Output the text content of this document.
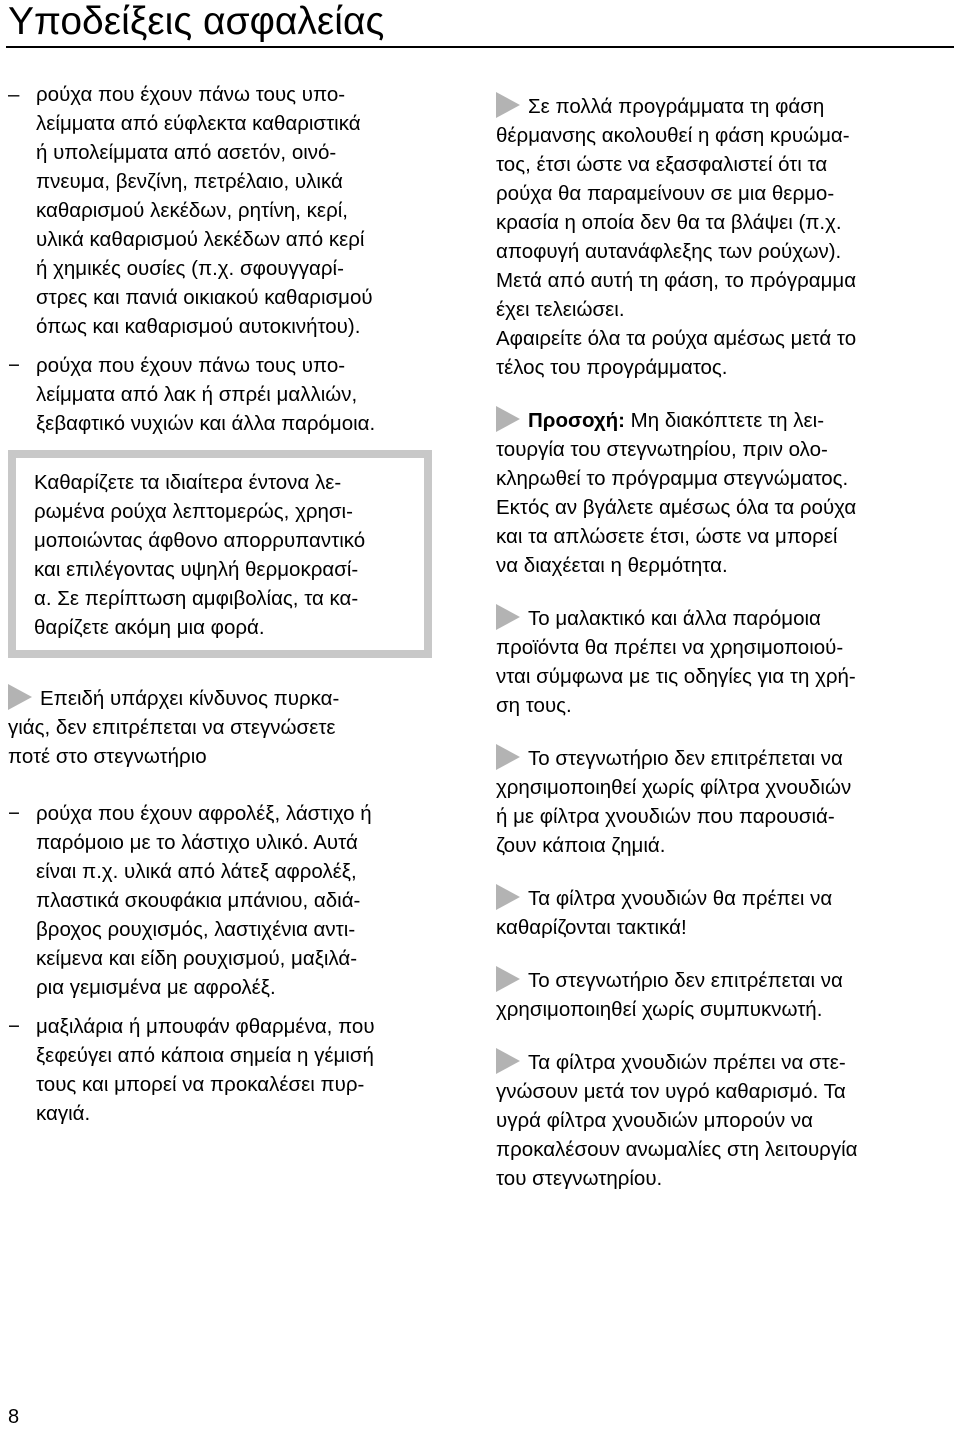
Υποδείξεις ασφαλείας
– ρούχα που έχουν πάνω τους υπο-
λείμματα από εύφλεκτα καθαριστικά
ή υπολείμματα από ασετόν, οινό-
πνευμα, βενζίνη, πετρέλαιο, υλικά
καθαρισμού λεκέδων, ρητίνη, κερί,
υλικά καθαρισμού λεκέδων από κερί
ή χημικές ουσίες (π.χ. σφουγγαρί-
στρες και πανιά οικιακού καθαρισμού
όπως και καθαρισμού αυτοκινήτου).
− ρούχα που έχουν πάνω τους υπο-
λείμματα από λακ ή σπρέι μαλλιών,
ξεβαφτικό νυχιών και άλλα παρόμοια.
Καθαρίζετε τα ιδιαίτερα έντονα λε-
ρωμένα ρούχα λεπτομερώς, χρησι-
μοποιώντας άφθονο απορρυπαντικό
και επιλέγοντας υψηλή θερμοκρασί-
α. Σε περίπτωση αμφιβολίας, τα κα-
θαρίζετε ακόμη μια φορά.
Επειδή υπάρχει κίνδυνος πυρκα-
γιάς, δεν επιτρέπεται να στεγνώσετε
ποτέ στο στεγνωτήριο
− ρούχα που έχουν αφρολέξ, λάστιχο ή
παρόμοιο με το λάστιχο υλικό. Αυτά
είναι π.χ. υλικά από λάτεξ αφρολέξ,
πλαστικά σκουφάκια μπάνιου, αδιά-
βροχος ρουχισμός, λαστιχένια αντι-
κείμενα και είδη ρουχισμού, μαξιλά-
ρια γεμισμένα με αφρολέξ.
− μαξιλάρια ή μπουφάν φθαρμένα, που
ξεφεύγει από κάποια σημεία η γέμισή
τους και μπορεί να προκαλέσει πυρ-
καγιά.
Σε πολλά προγράμματα τη φάση
θέρμανσης ακολουθεί η φάση κρυώμα-
τος, έτσι ώστε να εξασφαλιστεί ότι τα
ρούχα θα παραμείνουν σε μια θερμο-
κρασία η οποία δεν θα τα βλάψει (π.χ.
αποφυγή αυτανάφλεξης των ρούχων).
Μετά από αυτή τη φάση, το πρόγραμμα
έχει τελειώσει.
Αφαιρείτε όλα τα ρούχα αμέσως μετά το
τέλος του προγράμματος.
Προσοχή: Μη διακόπτετε τη λει-
τουργία του στεγνωτηρίου, πριν ολο-
κληρωθεί το πρόγραμμα στεγνώματος.
Εκτός αν βγάλετε αμέσως όλα τα ρούχα
και τα απλώσετε έτσι, ώστε να μπορεί
να διαχέεται η θερμότητα.
Το μαλακτικό και άλλα παρόμοια
προϊόντα θα πρέπει να χρησιμοποιού-
νται σύμφωνα με τις οδηγίες για τη χρή-
ση τους.
Το στεγνωτήριο δεν επιτρέπεται να
χρησιμοποιηθεί χωρίς φίλτρα χνουδιών
ή με φίλτρα χνουδιών που παρουσιά-
ζουν κάποια ζημιά.
Τα φίλτρα χνουδιών θα πρέπει να
καθαρίζονται τακτικά!
Το στεγνωτήριο δεν επιτρέπεται να
χρησιμοποιηθεί χωρίς συμπυκνωτή.
Τα φίλτρα χνουδιών πρέπει να στε-
γνώσουν μετά τον υγρό καθαρισμό. Τα
υγρά φίλτρα χνουδιών μπορούν να
προκαλέσουν ανωμαλίες στη λειτουργία
του στεγνωτηρίου.
8
